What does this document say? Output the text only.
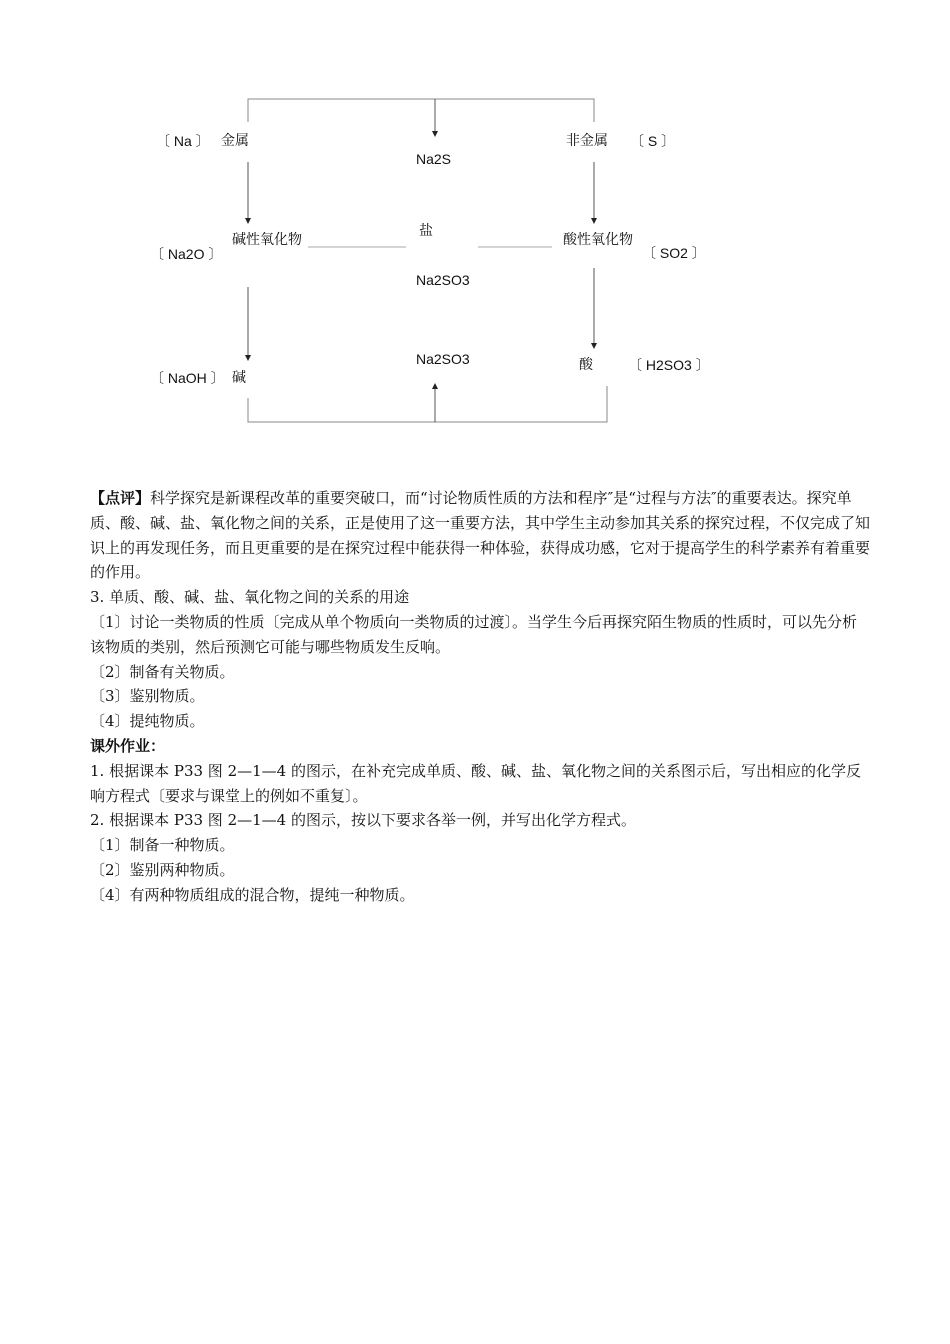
〔 Na 〕 金属
Na2S
非金属 〔 S 〕
〔 Na2O 〕
碱性氧化物
盐
Na2SO3
酸性氧化物
〔 SO2 〕
Na2SO3	酸	〔 H2SO3 〕
〔 NaOH 〕 碱

【点评】科学探究是新课程改革的重要突破口，而“讨论物质性质的方法和程序″是“过程与方法″的重要表达。探究单质、酸、碱、盐、氧化物之间的关系，正是使用了这一重要方法，其中学生主动参加其关系的探究过程，不仅完成了知识上的再发现任务，而且更重要的是在探究过程中能获得一种体验，获得成功感，它对于提高学生的科学素养有着重要的作用。

3. 单质、酸、碱、盐、氧化物之间的关系的用途

〔1〕讨论一类物质的性质〔完成从单个物质向一类物质的过渡〕。当学生今后再探究陌生物质的性质时，可以先分析该物质的类别，然后预测它可能与哪些物质发生反响。

〔2〕制备有关物质。

〔3〕鉴别物质。

〔4〕提纯物质。

课外作业：

1. 根据课本 P33 图 2—1—4 的图示，在补充完成单质、酸、碱、盐、氧化物之间的关系图示后，写出相应的化学反响方程式〔要求与课堂上的例如不重复〕。

2. 根据课本 P33 图 2—1—4 的图示，按以下要求各举一例，并写出化学方程式。

〔1〕制备一种物质。

〔2〕鉴别两种物质。

〔4〕有两种物质组成的混合物，提纯一种物质。
